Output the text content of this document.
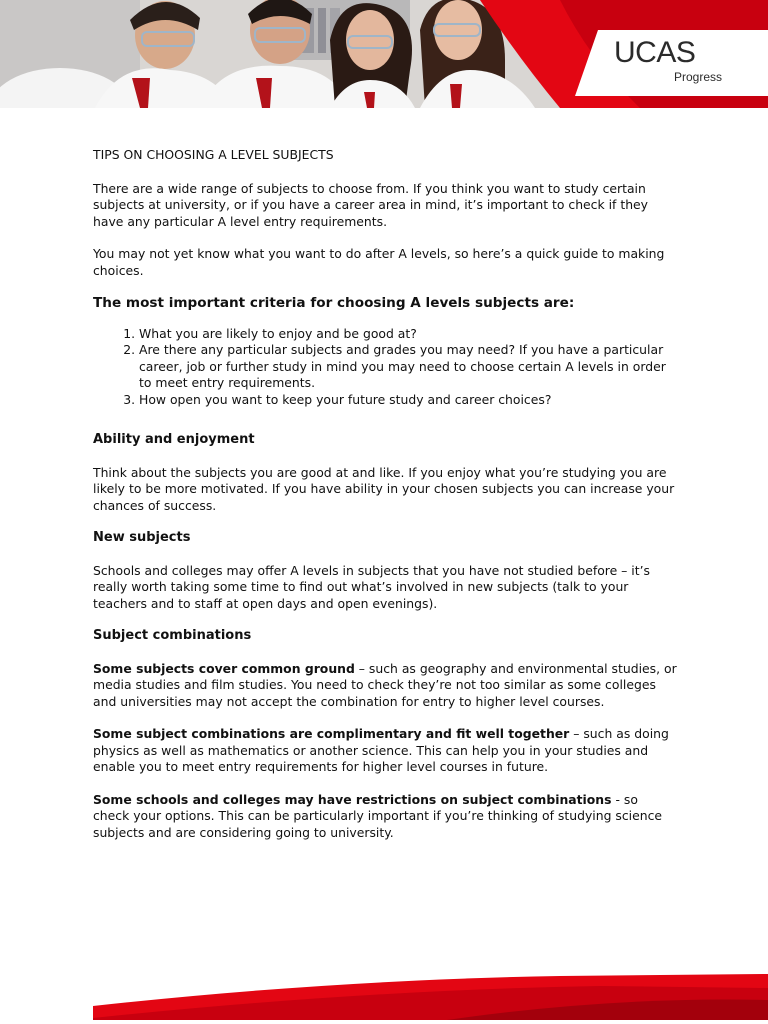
UCAS
Progress

TIPS ON CHOOSING A LEVEL SUBJECTS

There are a wide range of subjects to choose from. If you think you want to study certain subjects at university, or if you have a career area in mind, it’s important to check if they have any particular A level entry requirements.

You may not yet know what you want to do after A levels, so here’s a quick guide to making choices.

The most important criteria for choosing A levels subjects are:

1. What you are likely to enjoy and be good at?
2. Are there any particular subjects and grades you may need? If you have a particular career, job or further study in mind you may need to choose certain A levels in order to meet entry requirements.
3. How open you want to keep your future study and career choices?

Ability and enjoyment

Think about the subjects you are good at and like. If you enjoy what you’re studying you are likely to be more motivated. If you have ability in your chosen subjects you can increase your chances of success.

New subjects

Schools and colleges may offer A levels in subjects that you have not studied before – it’s really worth taking some time to find out what’s involved in new subjects (talk to your teachers and to staff at open days and open evenings).

Subject combinations

Some subjects cover common ground – such as geography and environmental studies, or media studies and film studies. You need to check they’re not too similar as some colleges and universities may not accept the combination for entry to higher level courses.

Some subject combinations are complimentary and fit well together – such as doing physics as well as mathematics or another science. This can help you in your studies and enable you to meet entry requirements for higher level courses in future.

Some schools and colleges may have restrictions on subject combinations - so check your options. This can be particularly important if you’re thinking of studying science subjects and are considering going to university.
